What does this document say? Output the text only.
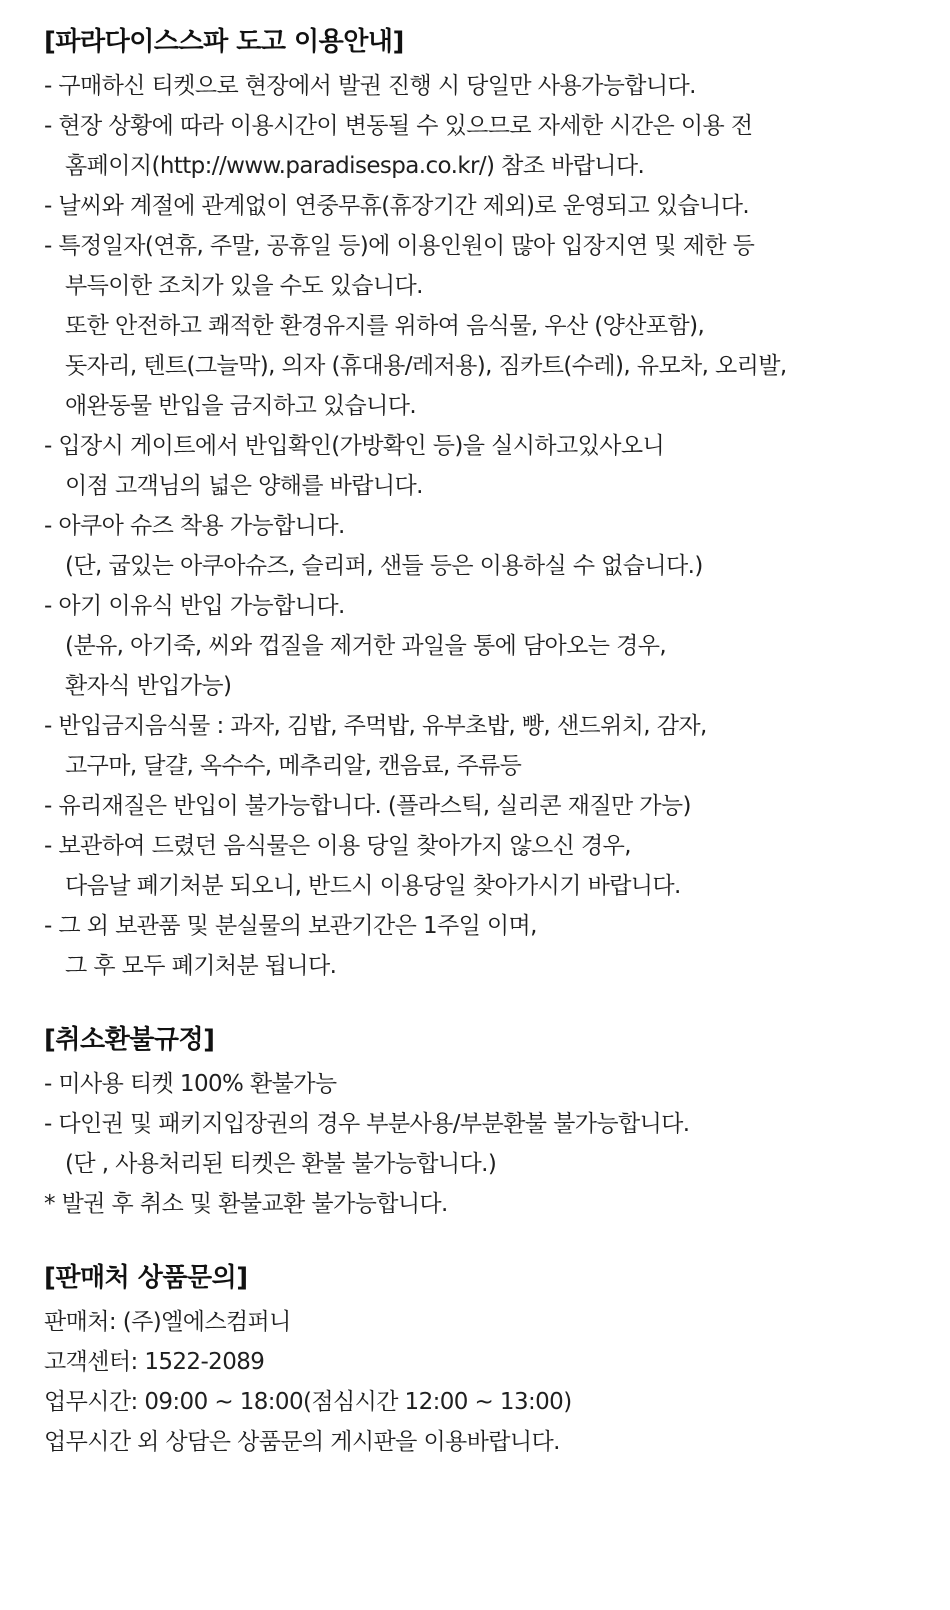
[파라다이스스파 도고 이용안내]
- 구매하신 티켓으로 현장에서 발권 진행 시 당일만 사용가능합니다.
- 현장 상황에 따라 이용시간이 변동될 수 있으므로 자세한 시간은 이용 전
홈페이지(http://www.paradisespa.co.kr/) 참조 바랍니다.
- 날씨와 계절에 관계없이 연중무휴(휴장기간 제외)로 운영되고 있습니다.
- 특정일자(연휴, 주말, 공휴일 등)에 이용인원이 많아 입장지연 및 제한 등
부득이한 조치가 있을 수도 있습니다.
또한 안전하고 쾌적한 환경유지를 위하여 음식물, 우산 (양산포함),
돗자리, 텐트(그늘막), 의자 (휴대용/레저용), 짐카트(수레), 유모차, 오리발,
애완동물 반입을 금지하고 있습니다.
- 입장시 게이트에서 반입확인(가방확인 등)을 실시하고있사오니
이점 고객님의 넓은 양해를 바랍니다.
- 아쿠아 슈즈 착용 가능합니다.
(단, 굽있는 아쿠아슈즈, 슬리퍼, 샌들 등은 이용하실 수 없습니다.)
- 아기 이유식 반입 가능합니다.
(분유, 아기죽, 씨와 껍질을 제거한 과일을 통에 담아오는 경우,
환자식 반입가능)
- 반입금지음식물 : 과자, 김밥, 주먹밥, 유부초밥, 빵, 샌드위치, 감자,
고구마, 달걀, 옥수수, 메추리알, 캔음료, 주류등
- 유리재질은 반입이 불가능합니다. (플라스틱, 실리콘 재질만 가능)
- 보관하여 드렸던 음식물은 이용 당일 찾아가지 않으신 경우,
다음날 폐기처분 되오니, 반드시 이용당일 찾아가시기 바랍니다.
- 그 외 보관품 및 분실물의 보관기간은 1주일 이며,
그 후 모두 폐기처분 됩니다.
[취소환불규정]
- 미사용 티켓 100% 환불가능
- 다인권 및 패키지입장권의 경우 부분사용/부분환불 불가능합니다.
(단 , 사용처리된 티켓은 환불 불가능합니다.)
* 발권 후 취소 및 환불교환 불가능합니다.
[판매처 상품문의]
판매처: (주)엘에스컴퍼니
고객센터: 1522-2089
업무시간: 09:00 ~ 18:00(점심시간 12:00 ~ 13:00)
업무시간 외 상담은 상품문의 게시판을 이용바랍니다.
